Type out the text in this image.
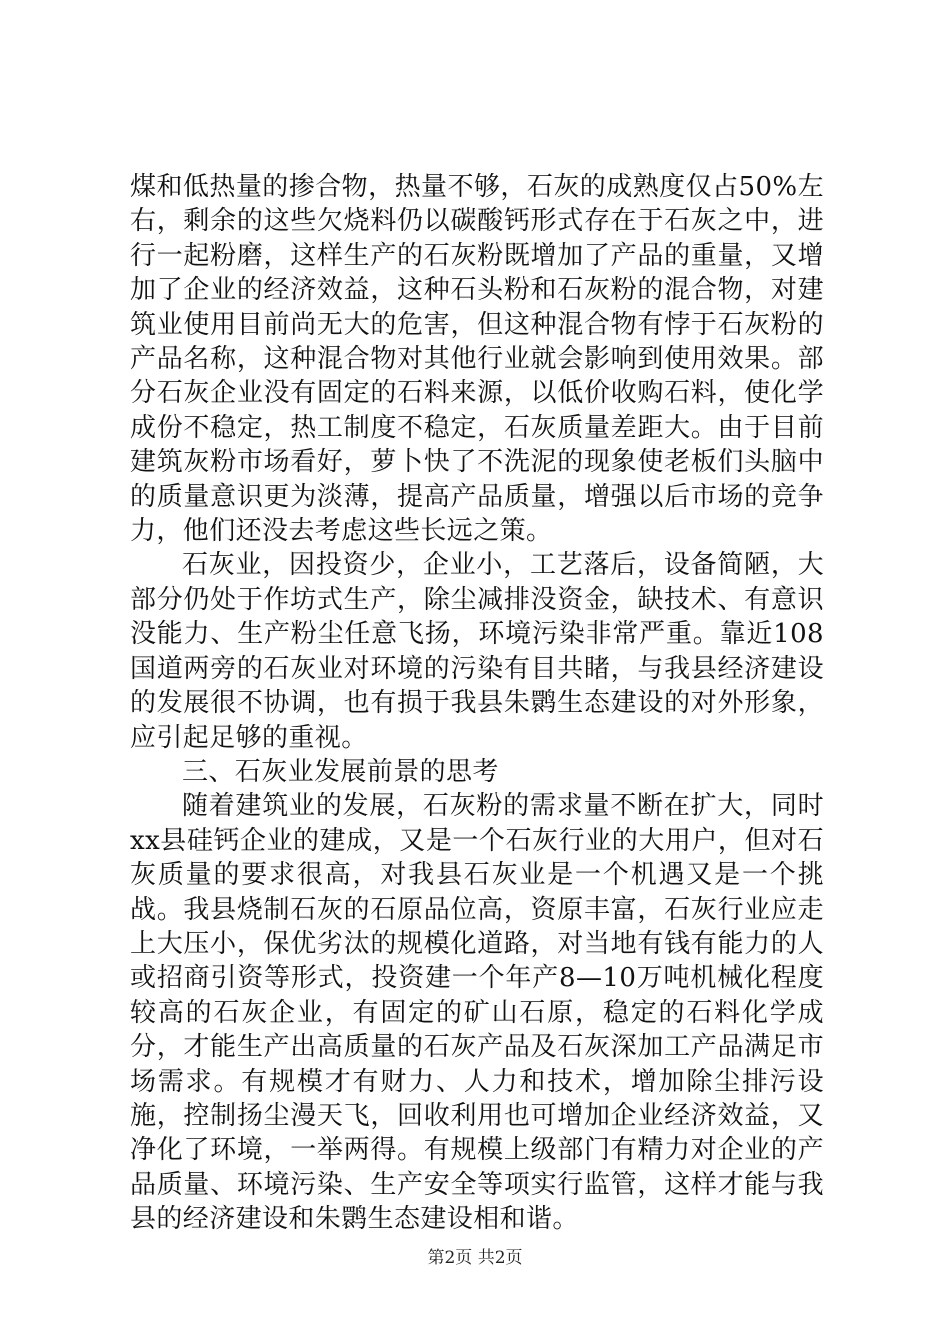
煤和低热量的掺合物，热量不够，石灰的成熟度仅占50%左右，剩余的这些欠烧料仍以碳酸钙形式存在于石灰之中，进行一起粉磨，这样生产的石灰粉既增加了产品的重量，又增加了企业的经济效益，这种石头粉和石灰粉的混合物，对建筑业使用目前尚无大的危害，但这种混合物有悖于石灰粉的产品名称，这种混合物对其他行业就会影响到使用效果。部分石灰企业没有固定的石料来源，以低价收购石料，使化学成份不稳定，热工制度不稳定，石灰质量差距大。由于目前建筑灰粉市场看好，萝卜快了不洗泥的现象使老板们头脑中的质量意识更为淡薄，提高产品质量，增强以后市场的竞争力，他们还没去考虑这些长远之策。

石灰业，因投资少，企业小，工艺落后，设备简陋，大部分仍处于作坊式生产，除尘减排没资金，缺技术、有意识没能力、生产粉尘任意飞扬，环境污染非常严重。靠近108国道两旁的石灰业对环境的污染有目共睹，与我县经济建设的发展很不协调，也有损于我县朱鹮生态建设的对外形象，应引起足够的重视。

三、石灰业发展前景的思考

随着建筑业的发展，石灰粉的需求量不断在扩大，同时xx县硅钙企业的建成，又是一个石灰行业的大用户，但对石灰质量的要求很高，对我县石灰业是一个机遇又是一个挑战。我县烧制石灰的石原品位高，资原丰富，石灰行业应走上大压小，保优劣汰的规模化道路，对当地有钱有能力的人或招商引资等形式，投资建一个年产8—10万吨机械化程度较高的石灰企业，有固定的矿山石原，稳定的石料化学成分，才能生产出高质量的石灰产品及石灰深加工产品满足市场需求。有规模才有财力、人力和技术，增加除尘排污设施，控制扬尘漫天飞，回收利用也可增加企业经济效益，又净化了环境，一举两得。有规模上级部门有精力对企业的产品质量、环境污染、生产安全等项实行监管，这样才能与我县的经济建设和朱鹮生态建设相和谐。

第2页 共2页
